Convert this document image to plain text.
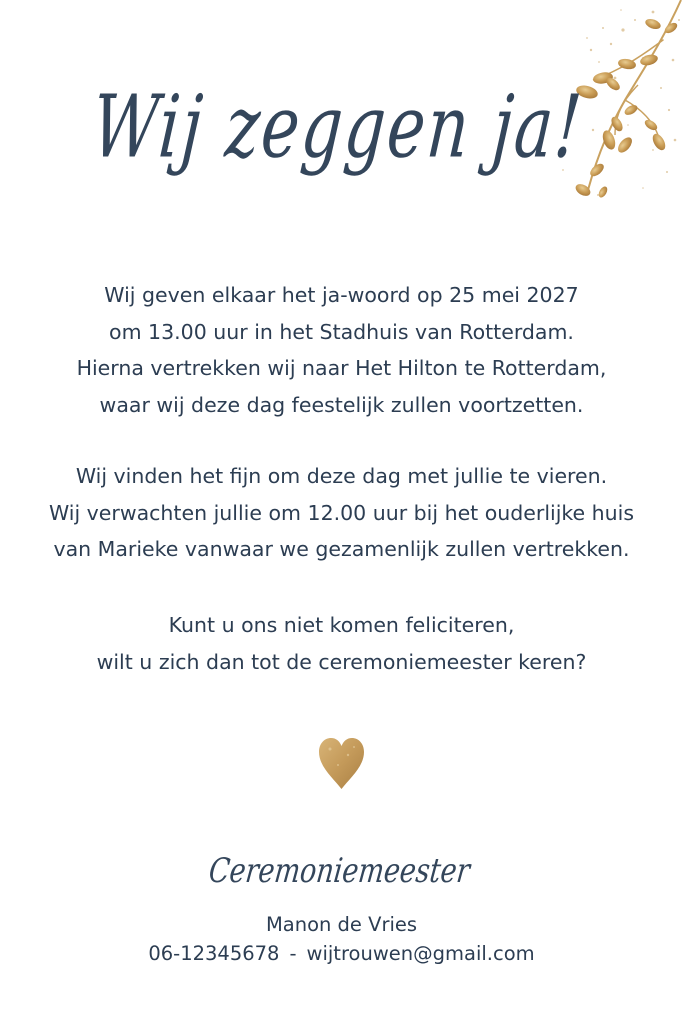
Wij zeggen ja!
Wij geven elkaar het ja-woord op 25 mei 2027
om 13.00 uur in het Stadhuis van Rotterdam.
Hierna vertrekken wij naar Het Hilton te Rotterdam,
waar wij deze dag feestelijk zullen voortzetten.
Wij vinden het fijn om deze dag met jullie te vieren.
Wij verwachten jullie om 12.00 uur bij het ouderlijke huis
van Marieke vanwaar we gezamenlijk zullen vertrekken.
Kunt u ons niet komen feliciteren,
wilt u zich dan tot de ceremoniemeester keren?
Ceremoniemeester
Manon de Vries
06-12345678 - wijtrouwen@gmail.com
